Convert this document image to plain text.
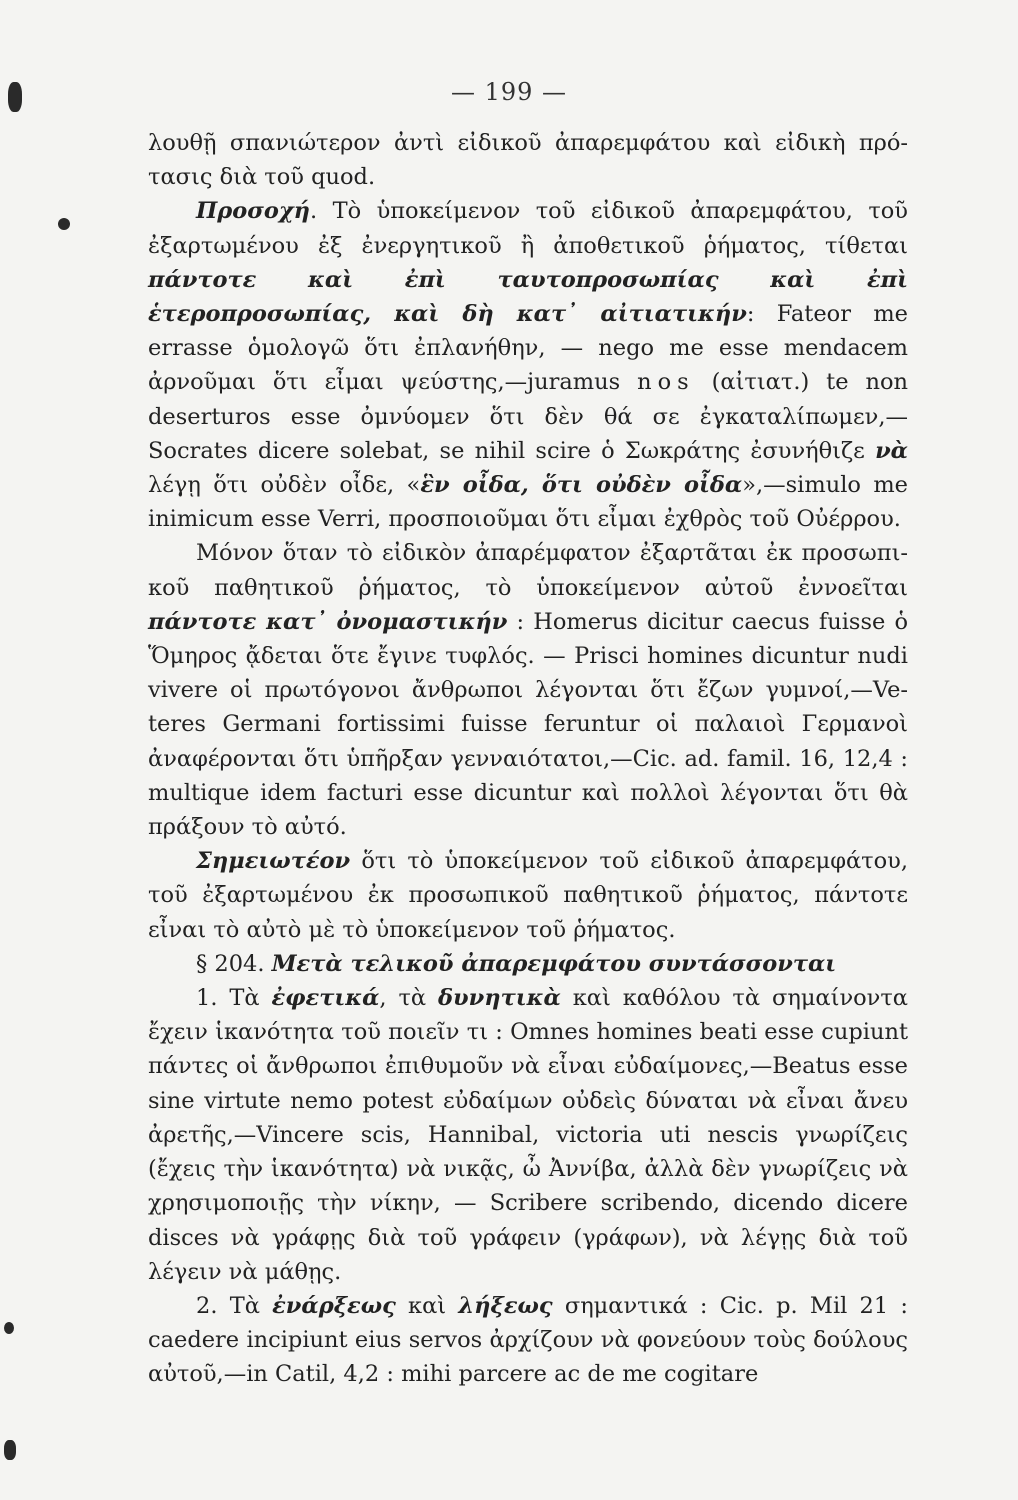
— 199 —

λουθῇ σπανιώτερον ἀντὶ εἰδικοῦ ἀπαρεμφάτου καὶ εἰδικὴ πρότασις διὰ τοῦ quod.

Προσοχή. Τὸ ὑποκείμενον τοῦ εἰδικοῦ ἀπαρεμφάτου, τοῦ ἐξαρτωμένου ἐξ ἐνεργητικοῦ ἢ ἀποθετικοῦ ῥήματος, τίθεται πάντοτε καὶ ἐπὶ ταυτοπροσωπίας καὶ ἐπὶ ἑτεροπροσωπίας, καὶ δὴ κατ᾿ αἰτιατικήν: Fateor me errasse ὁμολογῶ ὅτι ἐπλανήθην, — nego me esse mendacem ἀρνοῦμαι ὅτι εἶμαι ψεύστης,—juramus nos (αἰτιατ.) te non deserturos esse ὀμνύομεν ὅτι δὲν θά σε ἐγκαταλίπωμεν,—Socrates dicere solebat, se nihil scire ὁ Σωκράτης ἐσυνήθιζε νὰ λέγῃ ὅτι οὐδὲν οἶδε, «ἓν οἶδα, ὅτι οὐδὲν οἶδα»,—simulo me inimicum esse Verri, προσποιοῦμαι ὅτι εἶμαι ἐχθρὸς τοῦ Οὐέρρου.

Μόνον ὅταν τὸ εἰδικὸν ἀπαρέμφατον ἐξαρτᾶται ἐκ προσωπικοῦ παθητικοῦ ῥήματος, τὸ ὑποκείμενον αὐτοῦ ἐννοεῖται πάντοτε κατ᾿ ὀνομαστικήν : Homerus dicitur caecus fuisse ὁ Ὅμηρος ᾄδεται ὅτε ἔγινε τυφλός. — Prisci homines dicuntur nudi vivere οἱ πρωτόγονοι ἄνθρωποι λέγονται ὅτι ἔζων γυμνοί,—Veteres Germani fortissimi fuisse feruntur οἱ παλαιοὶ Γερμανοὶ ἀναφέρονται ὅτι ὑπῆρξαν γενναιότατοι,—Cic. ad. famil. 16, 12,4 : multique idem facturi esse dicuntur καὶ πολλοὶ λέγονται ὅτι θὰ πράξουν τὸ αὐτό.

Σημειωτέον ὅτι τὸ ὑποκείμενον τοῦ εἰδικοῦ ἀπαρεμφάτου, τοῦ ἐξαρτωμένου ἐκ προσωπικοῦ παθητικοῦ ῥήματος, πάντοτε εἶναι τὸ αὐτὸ μὲ τὸ ὑποκείμενον τοῦ ῥήματος.

§ 204. Μετὰ τελικοῦ ἀπαρεμφάτου συντάσσονται

1. Τὰ ἐφετικά, τὰ δυνητικὰ καὶ καθόλου τὰ σημαίνοντα ἔχειν ἱκανότητα τοῦ ποιεῖν τι : Omnes homines beati esse cupiunt πάντες οἱ ἄνθρωποι ἐπιθυμοῦν νὰ εἶναι εὐδαίμονες,—Beatus esse sine virtute nemo potest εὐδαίμων οὐδεὶς δύναται νὰ εἶναι ἄνευ ἀρετῆς,—Vincere scis, Hannibal, victoria uti nescis γνωρίζεις (ἔχεις τὴν ἱκανότητα) νὰ νικᾷς, ὦ Ἀννίβα, ἀλλὰ δὲν γνωρίζεις νὰ χρησιμοποιῇς τὴν νίκην, — Scribere scribendo, dicendo dicere disces νὰ γράφῃς διὰ τοῦ γράφειν (γράφων), νὰ λέγῃς διὰ τοῦ λέγειν νὰ μάθῃς.

2. Τὰ ἐνάρξεως καὶ λήξεως σημαντικά : Cic. p. Mil 21 : caedere incipiunt eius servos ἀρχίζουν νὰ φονεύουν τοὺς δούλους αὐτοῦ,—in Catil, 4,2 : mihi parcere ac de me cogitare
